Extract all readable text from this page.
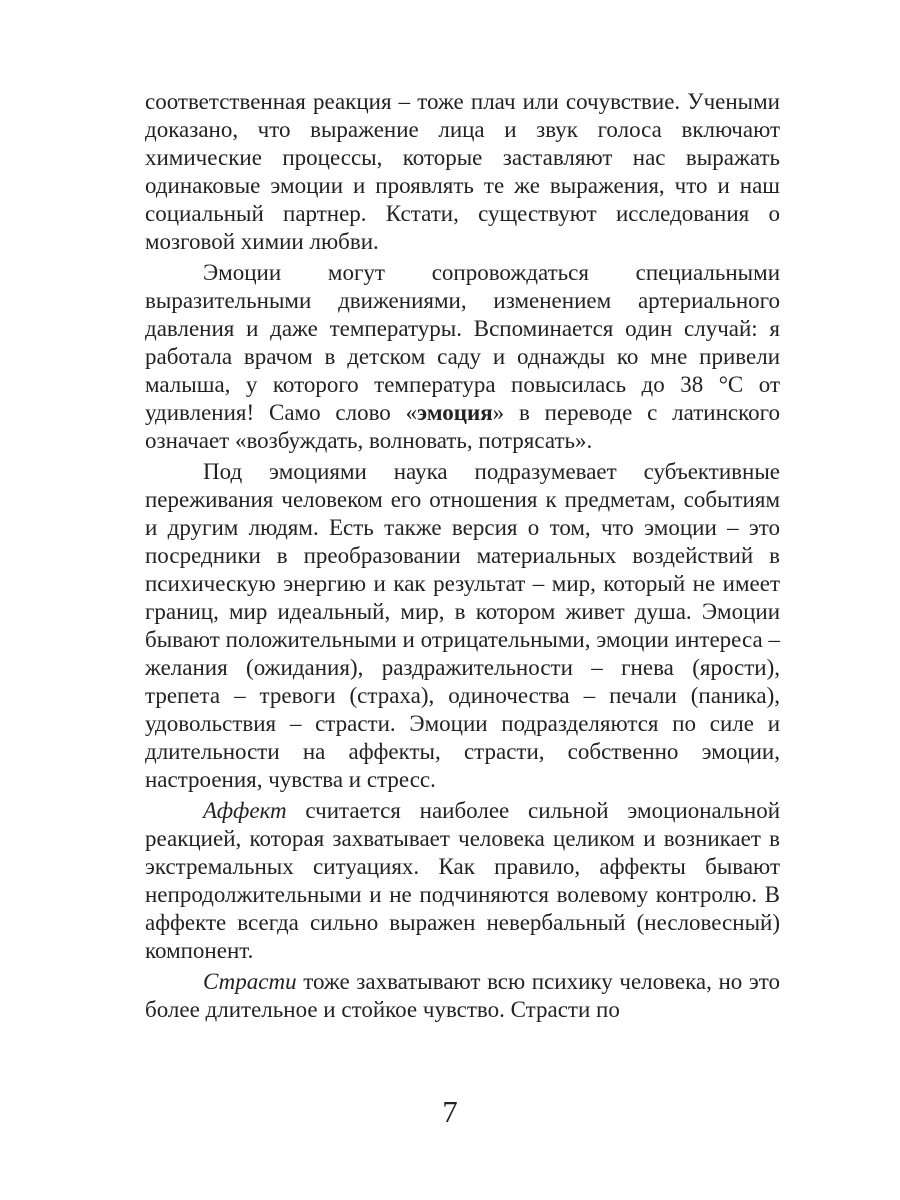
соответственная реакция – тоже плач или сочувствие. Учеными доказано, что выражение лица и звук голоса включают химические процессы, которые заставляют нас выражать одинаковые эмоции и проявлять те же выражения, что и наш социальный партнер. Кстати, существуют исследования о мозговой химии любви.

Эмоции могут сопровождаться специальными выразительными движениями, изменением артериального давления и даже температуры. Вспоминается один случай: я работала врачом в детском саду и однажды ко мне привели малыша, у которого температура повысилась до 38 °С от удивления! Само слово «эмоция» в переводе с латинского означает «возбуждать, волновать, потрясать».

Под эмоциями наука подразумевает субъективные переживания человеком его отношения к предметам, событиям и другим людям. Есть также версия о том, что эмоции – это посредники в преобразовании материальных воздействий в психическую энергию и как результат – мир, который не имеет границ, мир идеальный, мир, в котором живет душа. Эмоции бывают положительными и отрицательными, эмоции интереса – желания (ожидания), раздражительности – гнева (ярости), трепета – тревоги (страха), одиночества – печали (паника), удовольствия – страсти. Эмоции подразделяются по силе и длительности на аффекты, страсти, собственно эмоции, настроения, чувства и стресс.

Аффект считается наиболее сильной эмоциональной реакцией, которая захватывает человека целиком и возникает в экстремальных ситуациях. Как правило, аффекты бывают непродолжительными и не подчиняются волевому контролю. В аффекте всегда сильно выражен невербальный (несловесный) компонент.

Страсти тоже захватывают всю психику человека, но это более длительное и стойкое чувство. Страсти по

7
